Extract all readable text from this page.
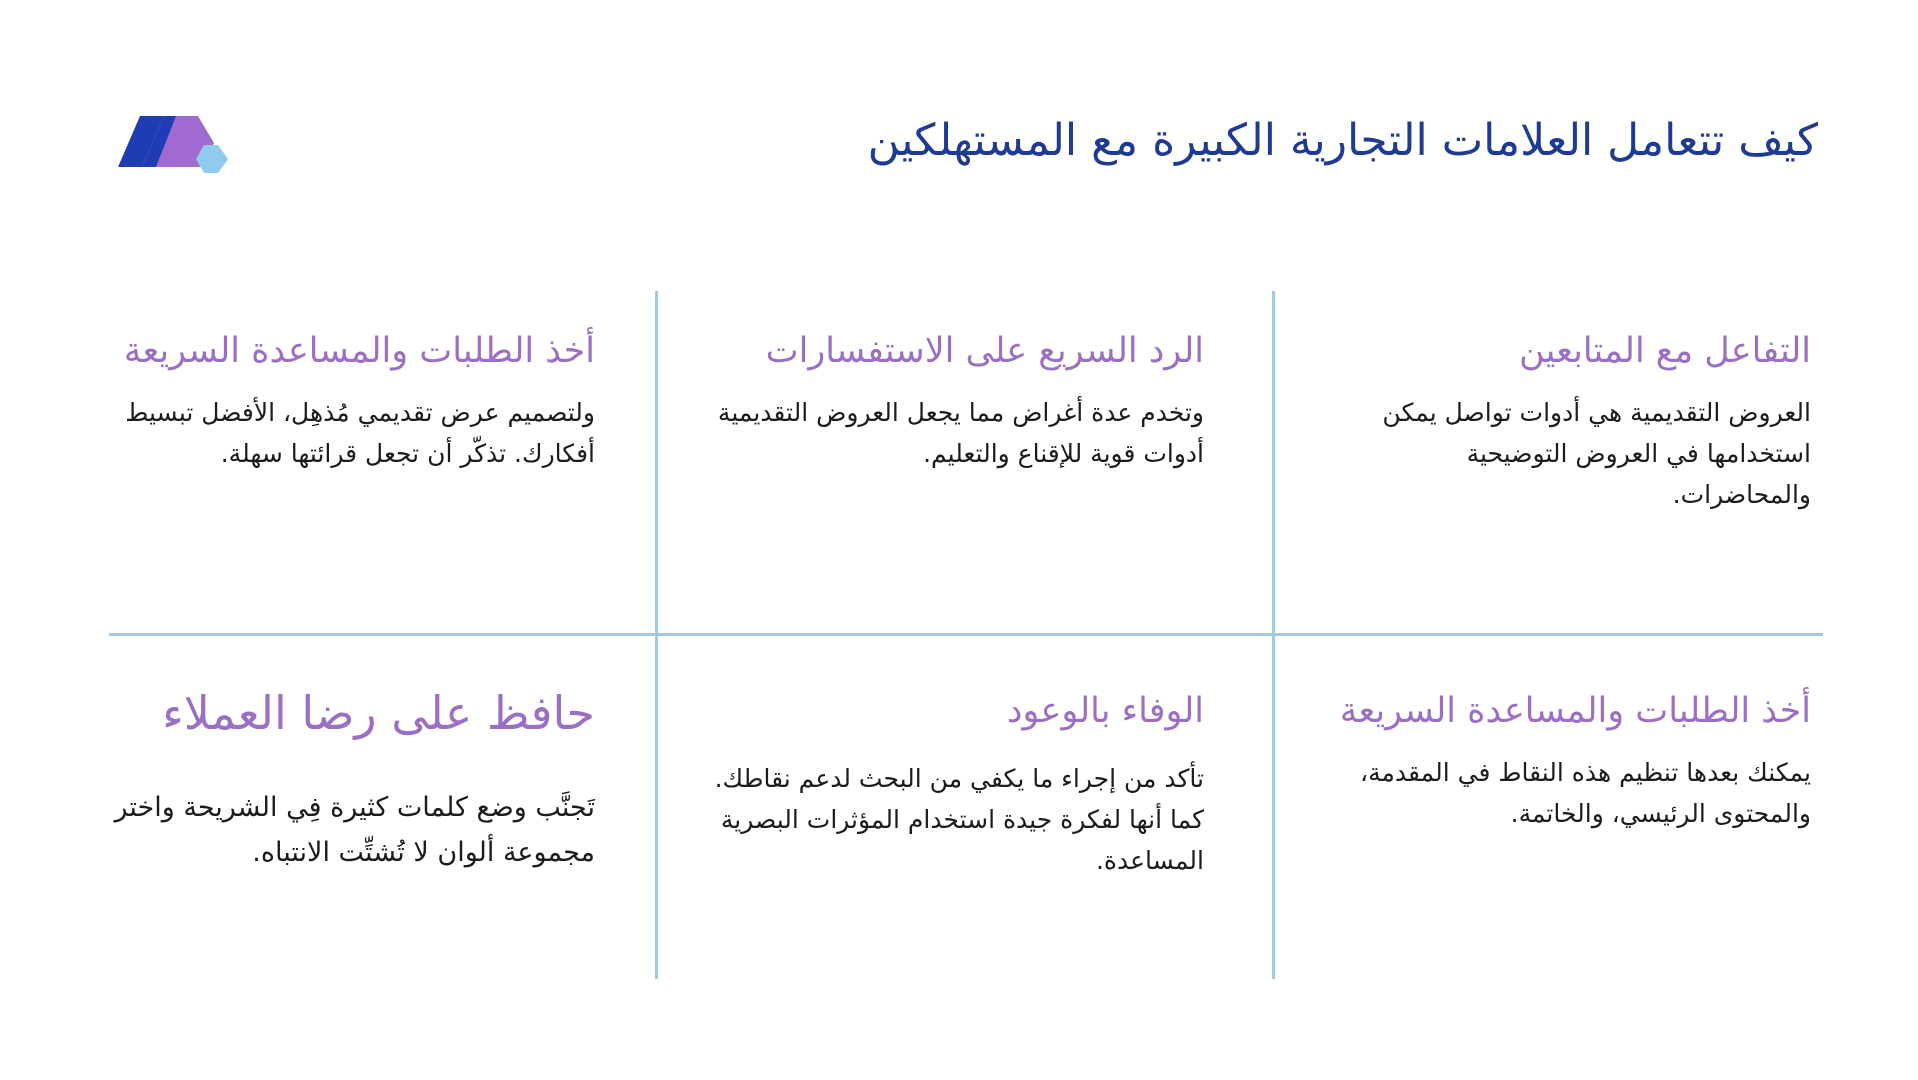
كيف تتعامل العلامات التجارية الكبيرة مع المستهلكين
التفاعل مع المتابعين

العروض التقديمية هي أدوات تواصل يمكن استخدامها في العروض التوضيحية والمحاضرات.

الرد السريع على الاستفسارات

وتخدم عدة أغراض مما يجعل العروض التقديمية أدوات قوية للإقناع والتعليم.

أخذ الطلبات والمساعدة السريعة

ولتصميم عرض تقديمي مُذهِل، الأفضل تبسيط أفكارك. تذكّر أن تجعل قرائتها سهلة.

أخذ الطلبات والمساعدة السريعة

يمكنك بعدها تنظيم هذه النقاط في المقدمة، والمحتوى الرئيسي، والخاتمة.

الوفاء بالوعود

تأكد من إجراء ما يكفي من البحث لدعم نقاطك. كما أنها لفكرة جيدة استخدام المؤثرات البصرية المساعدة.

حافظ على رضا العملاء

تَجنَّب وضع كلمات كثيرة فِي الشريحة واختر مجموعة ألوان لا تُشتِّت الانتباه.
